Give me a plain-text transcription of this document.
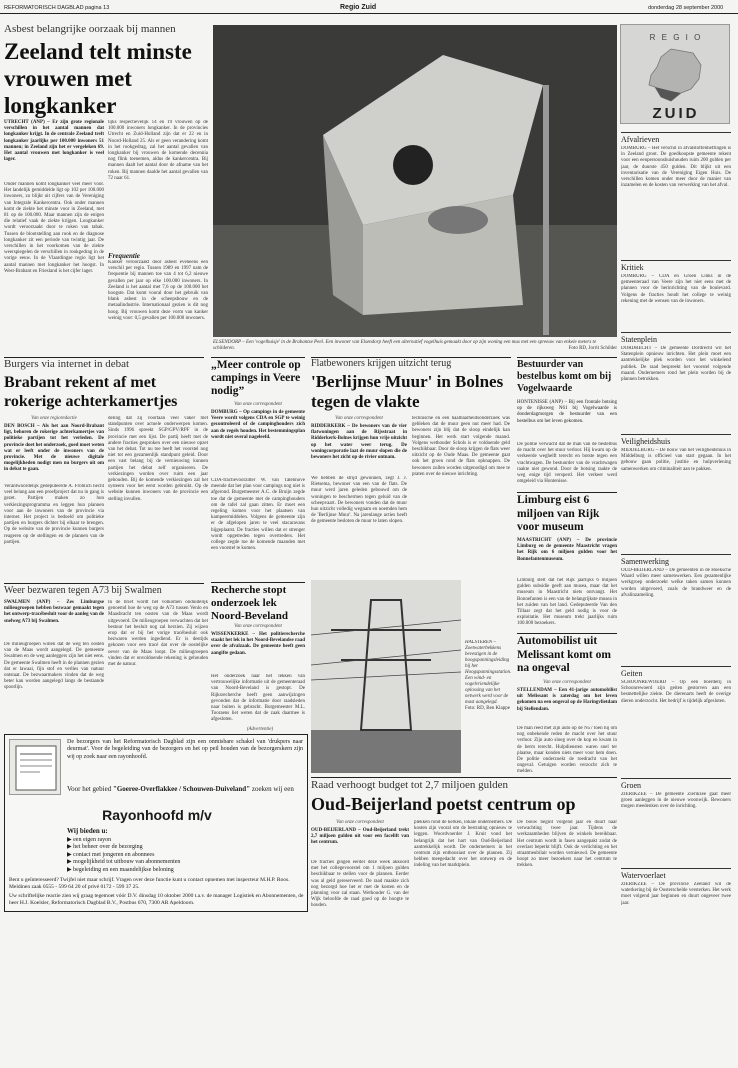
REFORMATORISCH DAGBLAD pagina 13	Regio Zuid	donderdag 28 september 2000
R E G I O
ZUID
Asbest belangrijke oorzaak bij mannen
Zeeland telt minste vrouwen met longkanker
UTRECHT (ANP) – Er zijn grote regionale verschillen in het aantal mannen dat longkanker krijgt. In de centrale Zeeland treft longkanker jaarlijks per 100.000 inwoners 51 mannen; in Zeeland zijn het er vergeleken 69. Het aantal vrouwen met longkanker is veel lager.
Onder mannen komt longkanker veel meer voor. Het landelijk gemiddelde ligt op 102 per 100.000 inwoners, zo blijkt uit cijfers van de Vereniging van Integrale Kankercentra. Ook onder mannen komt de ziekte het minste voor in Zeeland, met 81 op de 100.000. Maar mannen zijn de enigen die relatief vaak de ziekte krijgen. Longkanker wordt veroorzaakt door te roken van tabak. Tussen de blootstelling aan rook en de diagnose longkanker zit een periode van twintig jaar. De verschillen in het voorkomen van de ziekte weerspiegelen de verschillen in rookgedrag in de vorige eeuw. In de Vlaardingse regio ligt het aantal mannen met longkanker het hoogst. In West-Brabant en Friesland is het cijfer lager.
lijks respectievelijk 14 en 19 vrouwen op de 100.000 inwoners longkanker. In de provincies Utrecht en Zuid-Holland zijn dat er 22 en in Noord-Holland 25. Als er geen verandering komt in het rookgedrag, zal het aantal gevallen van longkanker bij vrouwen de komende decennia nog flink toenemen, aldus de kankercentra. Bij mannen daalt het aantal door de afname van het roken. Bij mannen daalde het aantal gevallen van 72 naar 61.
Frequentie
Kanker veroorzaakt door asbest eveneens een verschil per regio. Tussen 1989 en 1997 nam de frequentie bij mannen toe van 4 tot 6,2 nieuwe gevallen per jaar op elke 100.000 inwoners. In Zeeland is het aantal met 7,6 op de 100.000 het hoogste. Dat komt vooral door het gebruik van blank asbest in de scheepsbouw en de metaalindustrie. Internationaal gezien is dit nog hoog. Bij vrouwen komt deze vorm van kanker weinig voor: 0,5 gevallen per 100.000 inwoners.
ELSENDORP – Een 'vogelhuisje' in de Brabantse Peel. Een inwoner van Elsendorp heeft een alternatief vogelhuis gemaakt door op zijn woning een mus met een spreeuw van enkele meters te schilderen.	Foto RD, Jorrit Schilder
Afvalrieven
DOMBURG – Het verschil in afvalstoffenheffingen is in Zeeland groot. De goedkoopste gemeente rekent voor een eenpersoonshuishouden ruim 200 gulden per jaar, de duurste 450 gulden. Dit blijkt uit een inventarisatie van de Vereniging Eigen Huis. De verschillen komen onder meer door de manier van inzamelen en de kosten van verwerking van het afval.
Kritiek
DOMBURG – CDA en Groen Links in de gemeenteraad van Veere zijn het niet eens met de plannen voor de herinrichting van de boulevard. Volgens de fracties houdt het college te weinig rekening met de wensen van de inwoners.
Statenplein
DORDRECHT – De gemeente Dordrecht wil het Statenplein opnieuw inrichten. Het plein moet een aantrekkelijke plek worden voor het winkelend publiek. De raad bespreekt het voorstel volgende maand. Ondernemers rond het plein worden bij de plannen betrokken.
Veiligheidshuis
MIDDELBURG – De bouw van het veiligheidshuis in Middelburg is officieel van start gegaan. In het gebouw gaan politie, justitie en hulpverlening samenwerken om criminaliteit aan te pakken.
Samenwerking
OUD-BEIJERLAND – De gemeenten in de Hoeksche Waard willen meer samenwerken. Een gezamenlijke werkgroep onderzoekt welke taken samen kunnen worden uitgevoerd, zoals de brandweer en de afvalinzameling.
Geiten
SCHOONREWOERD – Op een boerderij in Schoonrewoerd zijn geiten gestorven aan een besmettelijke ziekte. De dierenarts heeft de overige dieren onderzocht. Het bedrijf is tijdelijk afgesloten.
Groen
ZIERIKZEE – De gemeente Zierikzee gaat meer groen aanleggen in de nieuwe woonwijk. Bewoners mogen meedenken over de inrichting.
Watervoerlaet
ZIERIKZEE – De provincie Zeeland wil de waterkering bij de Oosterschelde versterken. Het werk moet volgend jaar beginnen en duurt ongeveer twee jaar.
Burgers via internet in debat
Brabant rekent af met rokerige achterkamertjes
Van onze regioredactie
DEN BOSCH – Als het aan Noord-Brabant ligt, behoren de rokerige achterkamertjes van politieke partijen tot het verleden. De provincie doet het onderzoek, goed moet weten wat er leeft onder de inwoners van de provincie. Met de nieuwe digitale mogelijkheden nodigt men nu burgers uit om in debat te gaan.
Verantwoordelijk gedeputeerde A. Fröhlich hecht veel belang aan een proefproject dat nu in gang is gezet. Partijen maken zo hun verkiezingsprogramma en leggen hun plannen voor aan de inwoners van de provincie via internet. Het project is bedoeld om politieke partijen en burgers dichter bij elkaar te brengen. Op de website van de provincie kunnen burgers reageren op de stellingen en de plannen van de partijen.
deling dat zij voortaan veel vaker met standpunten over actuele onderwerpen komen. Sinds 1996 spreekt SGP/GPV/RPF in de provincie met een lijst. De partij heeft met de andere fracties gesproken over een nieuwe opzet van het debat. Tot nu toe heeft het voorstel nog niet tot een gezamenlijk standpunt geleid. Door een vast belang bij de vernieuwing kunnen partijen het debat zelf organiseren. De verkiezingen worden over ruim een jaar gehouden. Bij de komende verkiezingen zal het systeem voor het eerst worden gebruikt. Op de website kunnen inwoners van de provincie een stelling invullen.
Weer bezwaren tegen A73 bij Swalmen
SWALMEN (ANP) – Zes Limburgse milieugroepen hebben bezwaar gemaakt tegen het ontwerp-tracébesluit voor de aanleg van de snelweg A73 bij Swalmen.
De milieugroepen willen dat de weg ten oosten van de Maas wordt aangelegd. De gemeente Swalmen en de weg aanleggers zijn het niet eens. De gemeente Swalmen heeft in de plannen gezien dat er lawaai, fijn stof en verlies van natuur ontstaat. De bezwaarmakers vinden dat de weg beter kan worden aangelegd langs de bestaande spoorlijn.
In de brief wordt het volkomen onduidelijk genoemd hoe de weg op de A73 tussen Venlo en Maasbracht ten oosten van de Maas wordt uitgevoerd. De milieugroepen verwachten dat het bestuur het besluit nog zal herzien. Zij wijzen erop dat er bij het vorige tracébesluit ook bezwaren werden ingediend. Er is destijds gekozen voor een tracé dat over de oostelijke oever van de Maas loopt. De milieugroepen vinden dat er onvoldoende rekening is gehouden met de natuur.
„Meer controle op campings in Veere nodig”
Van onze correspondent
DOMBURG – Op campings in de gemeente Veere wordt volgens CDA en SGP te weinig gecontroleerd of de campinghouders zich aan de regels houden. Het bestemmingsplan wordt niet overal nageleefd.
CDA-fractievoorzitter W. van Tatenhove meende dat het plan voor campings nog niet is afgerond. Burgemeester A.C. de Bruijn zegde toe dat de gemeente met de campinghouders om de tafel zal gaan zitten. Er moet een regeling komen voor het plaatsen van kampeermiddelen. Volgens de gemeente zijn er de afgelopen jaren te veel stacaravans bijgeplaatst. De fracties willen dat er strenger wordt opgetreden tegen overtreders. Het college zegde toe de komende maanden met een voorstel te komen.
Recherche stopt onderzoek lek Noord-Beveland
Van onze correspondent
WISSENKERKE – Het politierecherche staakt het lek in het Noord-Bevelandse raad over de afvalzaak. De gemeente heeft geen aangifte gedaan.
Het onderzoek naar het lekken van vertrouwelijke informatie uit de gemeenteraad van Noord-Beveland is gestopt. De Rijksrecherche heeft geen aanwijzingen gevonden dat de informatie door raadsleden naar buiten is gebracht. Burgemeester M.L. Tooraens liet weten dat de zaak daarmee is afgesloten.
Flatbewoners krijgen uitzicht terug
'Berlijnse Muur' in Bolnes tegen de vlakte
Van onze correspondent
RIDDERKERK – De bewoners van de vier flatwoningen aan de Rijsstraat in Ridderkerk-Bolnes krijgen hun vrije uitzicht op het water weer terug. De woningcorporatie laat de muur slopen die de bewoners het zicht op de rivier ontnam.
We hebben de strijd gewonnen, zegt J. J. Rietsema, bewoner van een van de flats. De muur werd jaren geleden gebouwd om de woningen te beschermen tegen geluid van de scheepvaart. De bewoners vonden dat de muur hun uitzicht volledig wegnam en noemden hem de 'Berlijnse Muur'. Na jarenlange acties heeft de gemeente besloten de muur te laten slopen.
technische en een haalbaarheidsonderzoek was gebleken dat de muur geen nut meer had. De bewoners zijn blij dat de sloop eindelijk kan beginnen. Het werk start volgende maand. Volgens wethouder Schols is er voldoende geld beschikbaar. Door de sloop krijgen de flats weer uitzicht op de Oude Maas. De gemeente gaat ook het groen rond de flats opknappen. De bewoners zullen worden uitgenodigd om mee te praten over de nieuwe inrichting.
HALSTEREN – Zoetwaterbekkens bevestigen in de hoogspanningsleiding bij het Hoogspanningsstation. Een wind- en vogelvriendelijke oplossing van het netwerk werd voor de mast aangelegd.
Foto: RD, Ben Klappe
Bestuurder van bestelbus komt om bij Vogelwaarde
HONTENISSE (ANP) – Bij een frontale botsing op de rijksweg N61 bij Vogelwaarde is donderdagmorgen de bestuurder van een bestelbus om het leven gekomen.
De politie verwacht dat de man van de bestelbus de macht over het stuur verloor. Hij kwam op de verkeerde weghelft terecht en botste tegen een vrachtwagen. De bestuurder van de vrachtwagen raakte niet gewond. Door de botsing raakte de weg enige tijd versperd. Het verkeer werd omgeleid via Hontenisse.
Limburg eist 6 miljoen van Rijk voor museum
MAASTRICHT (ANP) – De provincie Limburg en de gemeente Maastricht vragen het Rijk om 6 miljoen gulden voor het Bonnefantenmuseum.
Limburg stelt dat het Rijk jaarlijks 6 miljoen gulden subsidie geeft aan musea, maar dat het museum in Maastricht niets ontvangt. Het Bonnefanten is een van de belangrijkste musea in het zuiden van het land. Gedeputeerde Van den Tillaar zegt dat het geld nodig is voor de exploitatie. Het museum trekt jaarlijks ruim 100.000 bezoekers.
Automobilist uit Melissant komt om na ongeval
Van onze correspondent
STELLENDAM – Een 41-jarige automobilist uit Melissant is zaterdag om het leven gekomen na een ongeval op de Haringvlietdam bij Stellendam.
De man reed met zijn auto op de N57 toen hij om nog onbekende reden de macht over het stuur verloor. Zijn auto sloeg over de kop en kwam in de berm terecht. Hulpdiensten waren snel ter plaatse, maar konden niets meer voor hem doen. De politie onderzoekt de toedracht van het ongeval. Getuigen worden verzocht zich te melden.
(Advertentie)
De bezorgers van het Reformatorisch Dagblad zijn een onmisbare schakel van 'drukpers naar deurmat'. Voor de begeleiding van de bezorgers en het op peil houden van de bezorgerskern zijn wij op zoek naar een rayonhoofd.
Voor het gebied "Goeree-Overflakkee / Schouwen-Duiveland" zoeken wij een
Rayonhoofd m/v
Wij bieden u:
▶ een eigen rayon
▶ het beheer over de bezorging
▶ contact met jongeren en abonnees
▶ mogelijkheid tot uitbouw van abonnementen
▶ begeleiding en een maandelijkse beloning
Bent u geïnteresseerd? Twijfel niet maar schrijf. Vragen over deze functie kunt u contact opnemen met inspecteur M.H.P. Roos. Meldinen zaak 0555 - 599 64 20 of privé 0172 - 599 37 25.
Uw schriftelijke reactie zien wij graag tegemoet vóór D.V. dinsdag 10 oktober 2000 t.a.v. de manager Logistiek en Abonnementen, de heer H.J. Koelsler, Reformatorisch Dagblad B.V., Postbus 670, 7300 AR Apeldoorn.
Raad verhoogt budget tot 2,7 miljoen gulden
Oud-Beijerland poetst centrum op
Van onze correspondent
OUD-BEIJERLAND – Oud-Beijerland trekt 2,7 miljoen gulden uit voor een facelift van het centrum.
De fracties gingen eerder deze week akkoord met het collegevoorstel om 1 miljoen gulden beschikbaar te stellen voor de plannen. Eerder was al geld gereserveerd. De raad maakte zich nog bezorgd hoe het er met de kosten en de planning voor zal staan. Wethouder G. van der Wijk beloofde de raad goed op de hoogte te houden.
plekken rond de kerken, lokale ondernemers. De kosten zijn vooral om de bestrating opnieuw te leggen. Woordvoerder J. Kruit vond het belangrijk dat het hart van Oud-Beijerland aantrekkelijk wordt. De ondernemers in het centrum zijn enthousiast over de plannen. Zij hebben meegedacht over het ontwerp en de indeling van het marktplein.
De bouw begint volgend jaar en duurt naar verwachting twee jaar. Tijdens de werkzaamheden blijven de winkels bereikbaar. Het centrum wordt in fasen aangepakt zodat de overlast beperkt blijft. Ook de verlichting en het straatmeubilair worden vernieuwd. De gemeente hoopt zo meer bezoekers naar het centrum te trekken.
